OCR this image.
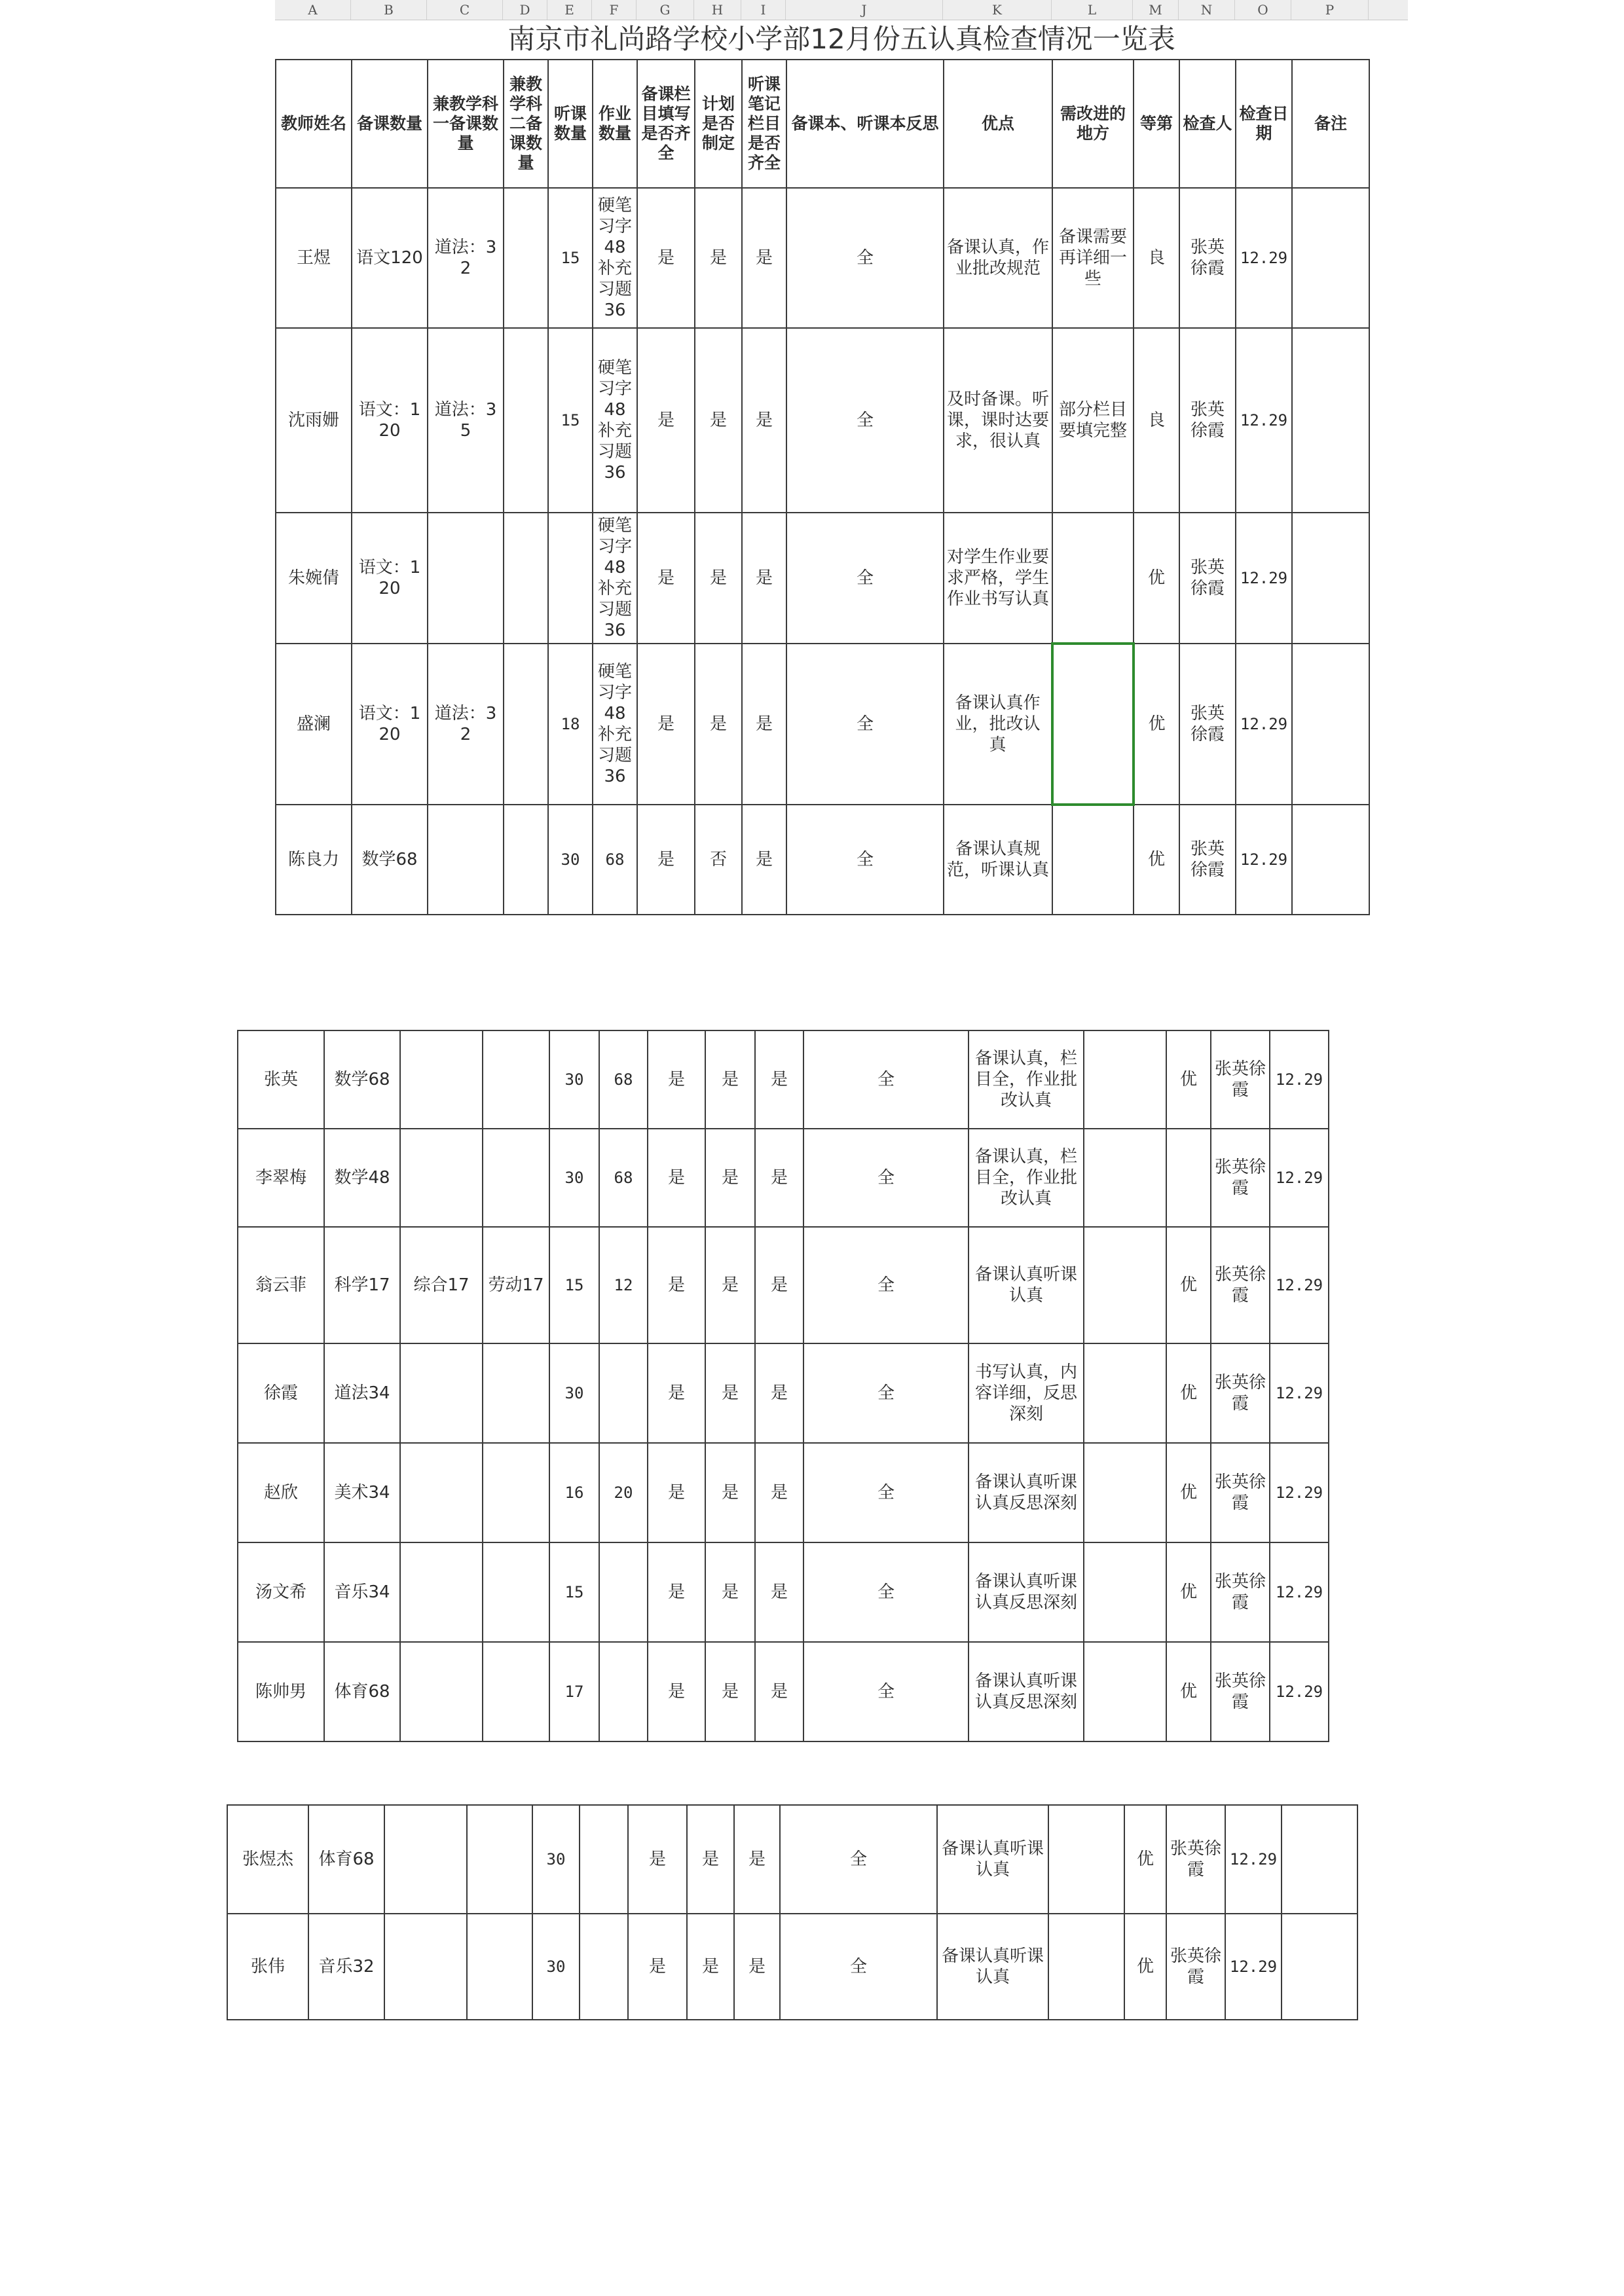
A	B	C	D	E	F	G	H	I	J	K	L	M	N	O	P
南京市礼尚路学校小学部12月份五认真检查情况一览表
教师姓名	备课数量	兼教学科一备课数量	兼教学科二备课数量	听课数量	作业数量	备课栏目填写是否齐全	计划是否制定	听课笔记栏目是否齐全	备课本、听课本反思	优点	需改进的地方	等第	检查人	检查日期	备注
王煜	语文120	道法：32		15	硬笔习字48补充习题36	是	是	是	全	备课认真，作业批改规范	备课需要再详细一些	良	张英徐霞	12.29	
沈雨姗	语文：120	道法：35		15	硬笔习字48补充习题36	是	是	是	全	及时备课。听课，课时达要求，很认真	部分栏目要填完整	良	张英徐霞	12.29	
朱婉倩	语文：120				硬笔习字48补充习题36	是	是	是	全	对学生作业要求严格，学生作业书写认真		优	张英徐霞	12.29	
盛澜	语文：120	道法：32		18	硬笔习字48补充习题36	是	是	是	全	备课认真作业，批改认真		优	张英徐霞	12.29	
陈良力	数学68			30	68	是	否	是	全	备课认真规范，听课认真		优	张英徐霞	12.29	
张英	数学68			30	68	是	是	是	全	备课认真，栏目全，作业批改认真		优	张英徐霞	12.29
李翠梅	数学48			30	68	是	是	是	全	备课认真，栏目全，作业批改认真			张英徐霞	12.29
翁云菲	科学17	综合17	劳动17	15	12	是	是	是	全	备课认真听课认真		优	张英徐霞	12.29
徐霞	道法34			30		是	是	是	全	书写认真，内容详细，反思深刻		优	张英徐霞	12.29
赵欣	美术34			16	20	是	是	是	全	备课认真听课认真反思深刻		优	张英徐霞	12.29
汤文希	音乐34			15		是	是	是	全	备课认真听课认真反思深刻		优	张英徐霞	12.29
陈帅男	体育68			17		是	是	是	全	备课认真听课认真反思深刻		优	张英徐霞	12.29
张煜杰	体育68			30		是	是	是	全	备课认真听课认真		优	张英徐霞	12.29	
张伟	音乐32			30		是	是	是	全	备课认真听课认真		优	张英徐霞	12.29	
